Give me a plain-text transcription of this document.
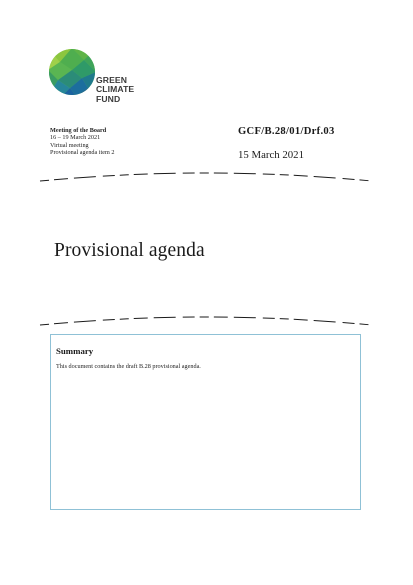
GREEN
CLIMATE
FUND
Meeting of the Board
16 – 19 March 2021
Virtual meeting
Provisional agenda item 2
GCF/B.28/01/Drf.03
15 March 2021
Provisional agenda
Summary
This document contains the draft B.28 provisional agenda.
